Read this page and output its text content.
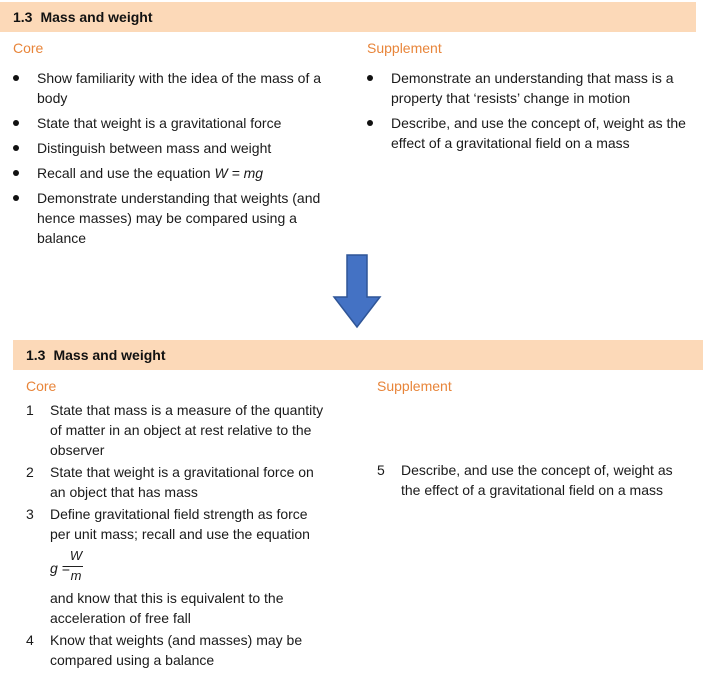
1.3 Mass and weight
Core	Supplement
Show familiarity with the idea of the mass of a body
State that weight is a gravitational force
Distinguish between mass and weight
Recall and use the equation W = mg
Demonstrate understanding that weights (and hence masses) may be compared using a balance
Demonstrate an understanding that mass is a property that ‘resists’ change in motion
Describe, and use the concept of, weight as the effect of a gravitational field on a mass
1.3 Mass and weight
Core	Supplement
1 State that mass is a measure of the quantity of matter in an object at rest relative to the observer
2 State that weight is a gravitational force on an object that has mass
3 Define gravitational field strength as force per unit mass; recall and use the equation
g =
W
m
and know that this is equivalent to the acceleration of free fall
4 Know that weights (and masses) may be compared using a balance
5 Describe, and use the concept of, weight as the effect of a gravitational field on a mass
